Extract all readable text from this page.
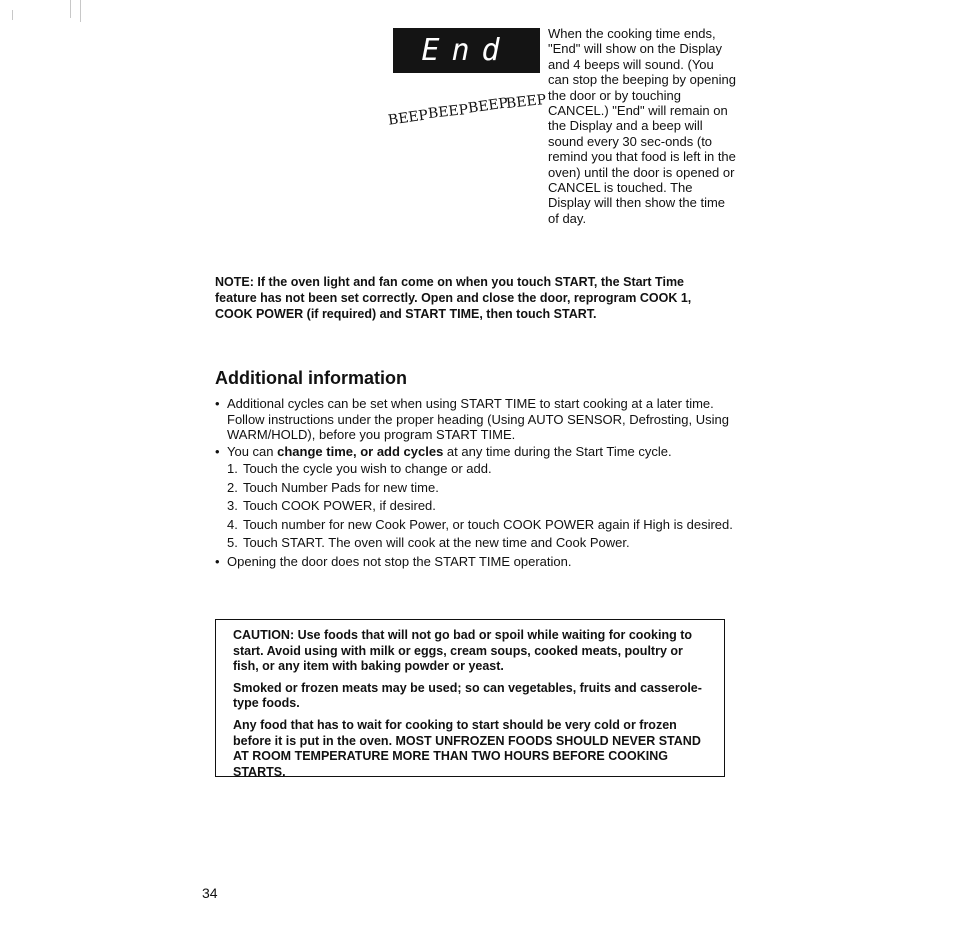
End
BEEP
BEEP
BEEP
BEEP

When the cooking time ends, "End" will show on the Display and 4 beeps will sound. (You can stop the beeping by opening the door or by touching CANCEL.) "End" will remain on the Display and a beep will sound every 30 sec-onds (to remind you that food is left in the oven) until the door is opened or CANCEL is touched. The Display will then show the time of day.

NOTE: If the oven light and fan come on when you touch START, the Start Time feature has not been set correctly. Open and close the door, reprogram COOK 1, COOK POWER (if required) and START TIME, then touch START.

Additional information

• Additional cycles can be set when using START TIME to start cooking at a later time. Follow instructions under the proper heading (Using AUTO SENSOR, Defrosting, Using WARM/HOLD), before you program START TIME.

• You can change time, or add cycles at any time during the Start Time cycle.

1. Touch the cycle you wish to change or add.
2. Touch Number Pads for new time.
3. Touch COOK POWER, if desired.
4. Touch number for new Cook Power, or touch COOK POWER again if High is desired.
5. Touch START. The oven will cook at the new time and Cook Power.

• Opening the door does not stop the START TIME operation.

CAUTION: Use foods that will not go bad or spoil while waiting for cooking to start. Avoid using with milk or eggs, cream soups, cooked meats, poultry or fish, or any item with baking powder or yeast.

Smoked or frozen meats may be used; so can vegetables, fruits and casserole-type foods.

Any food that has to wait for cooking to start should be very cold or frozen before it is put in the oven. MOST UNFROZEN FOODS SHOULD NEVER STAND AT ROOM TEMPERATURE MORE THAN TWO HOURS BEFORE COOKING STARTS.

34
